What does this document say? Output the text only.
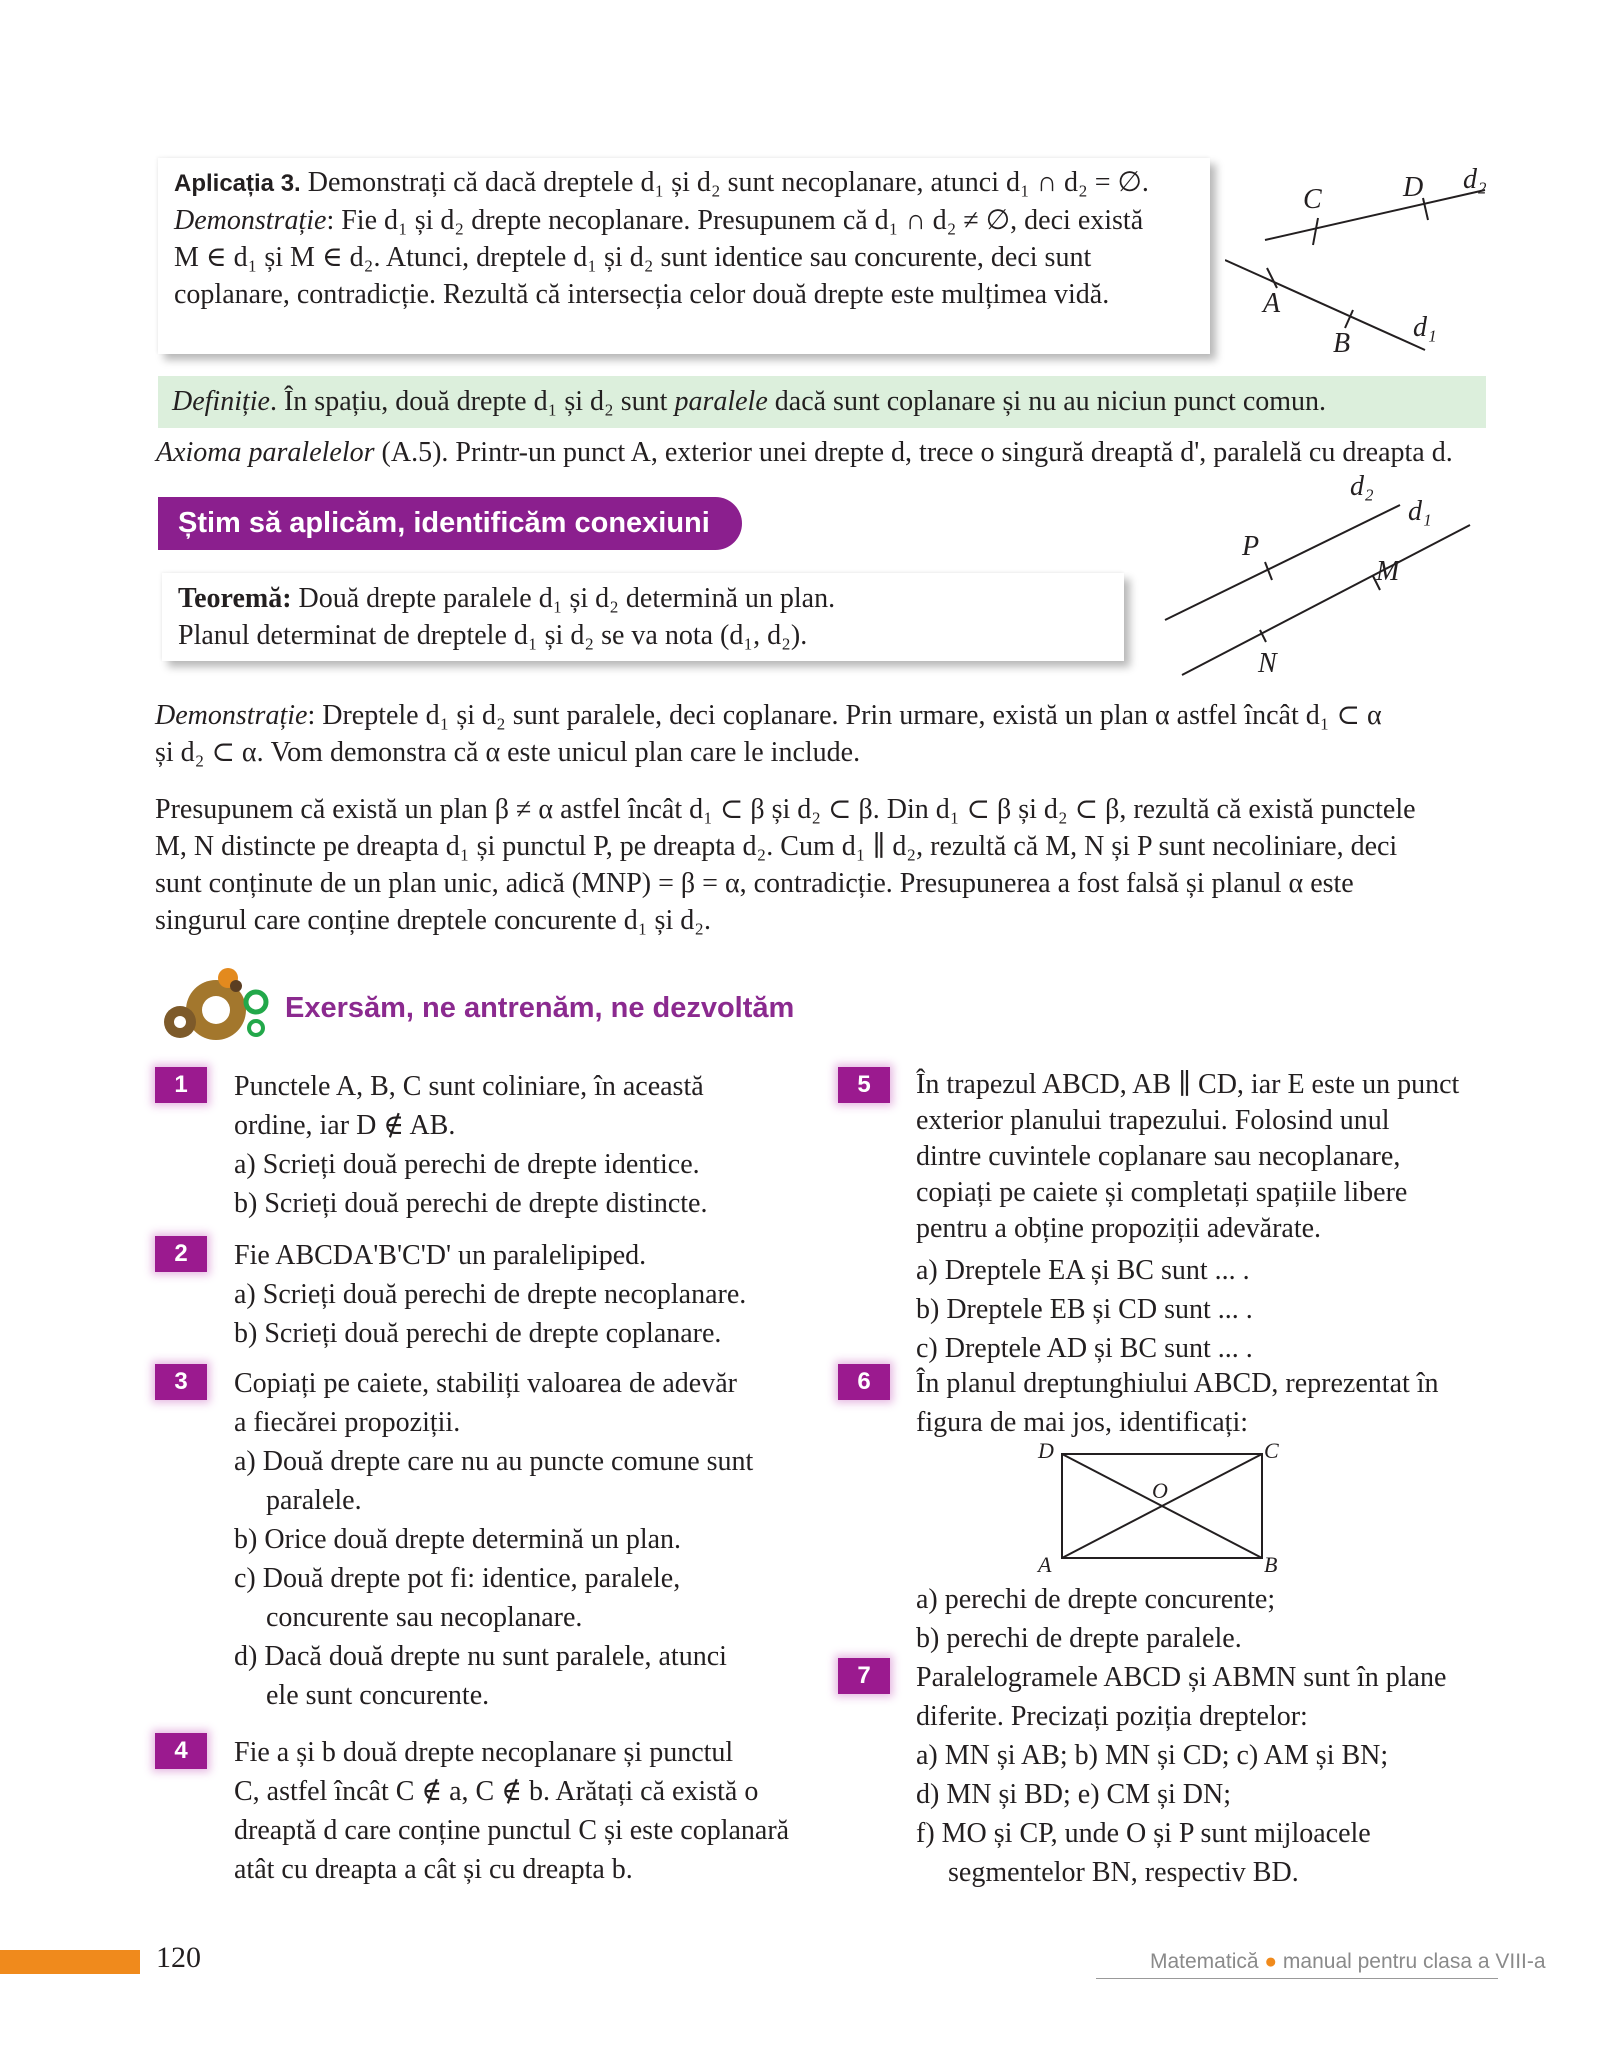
Aplicația 3. Demonstrați că dacă dreptele d₁ și d₂ sunt necoplanare, atunci d₁ ∩ d₂ = ∅.
Demonstrație: Fie d₁ și d₂ drepte necoplanare. Presupunem că d₁ ∩ d₂ ≠ ∅, deci există
M ∈ d₁ și M ∈ d₂. Atunci, dreptele d₁ și d₂ sunt identice sau concurente, deci sunt
coplanare, contradicție. Rezultă că intersecția celor două drepte este mulțimea vidă.
C	D d₂
A
B
d₁
Definiție. În spațiu, două drepte d₁ și d₂ sunt paralele dacă sunt coplanare și nu au niciun punct comun.
Axioma paralelelor (A.5). Printr-un punct A, exterior unei drepte d, trece o singură dreaptă d', paralelă cu dreapta d.
Știm să aplicăm, identificăm conexiuni
Teoremă: Două drepte paralele d₁ și d₂ determină un plan.
Planul determinat de dreptele d₁ și d₂ se va nota (d₁, d₂).
d₂
d₁
P
M
N
Demonstrație: Dreptele d₁ și d₂ sunt paralele, deci coplanare. Prin urmare, există un plan α astfel încât d₁ ⊂ α
și d₂ ⊂ α. Vom demonstra că α este unicul plan care le include.
Presupunem că există un plan β ≠ α astfel încât d₁ ⊂ β și d₂ ⊂ β. Din d₁ ⊂ β și d₂ ⊂ β, rezultă că există punctele
M, N distincte pe dreapta d₁ și punctul P, pe dreapta d₂. Cum d₁ ∥ d₂, rezultă că M, N și P sunt necoliniare, deci
sunt conținute de un plan unic, adică (MNP) = β = α, contradicție. Presupunerea a fost falsă și planul α este
singurul care conține dreptele concurente d₁ și d₂.
Exersăm, ne antrenăm, ne dezvoltăm
1	Punctele A, B, C sunt coliniare, în această
ordine, iar D ∉ AB.
a) Scrieți două perechi de drepte identice.
b) Scrieți două perechi de drepte distincte.
2	Fie ABCDA'B'C'D' un paralelipiped.
a) Scrieți două perechi de drepte necoplanare.
b) Scrieți două perechi de drepte coplanare.
3	Copiați pe caiete, stabiliți valoarea de adevăr
a fiecărei propoziții.
a) Două drepte care nu au puncte comune sunt
paralele.
b) Orice două drepte determină un plan.
c) Două drepte pot fi: identice, paralele,
concurente sau necoplanare.
d) Dacă două drepte nu sunt paralele, atunci
ele sunt concurente.
4	Fie a și b două drepte necoplanare și punctul
C, astfel încât C ∉ a, C ∉ b. Arătați că există o
dreaptă d care conține punctul C și este coplanară
atât cu dreapta a cât și cu dreapta b.
5	În trapezul ABCD, AB ∥ CD, iar E este un punct
exterior planului trapezului. Folosind unul
dintre cuvintele coplanare sau necoplanare,
copiați pe caiete și completați spațiile libere
pentru a obține propoziții adevărate.
a) Dreptele EA și BC sunt ... .
b) Dreptele EB și CD sunt ... .
c) Dreptele AD și BC sunt ... .
6	În planul dreptunghiului ABCD, reprezentat în
figura de mai jos, identificați:
D	C
O
A	B
a) perechi de drepte concurente;
b) perechi de drepte paralele.
7	Paralelogramele ABCD și ABMN sunt în plane
diferite. Precizați poziția dreptelor:
a) MN și AB; b) MN și CD; c) AM și BN;
d) MN și BD; e) CM și DN;
f) MO și CP, unde O și P sunt mijloacele
segmentelor BN, respectiv BD.
120	Matematică ● manual pentru clasa a VIII-a
